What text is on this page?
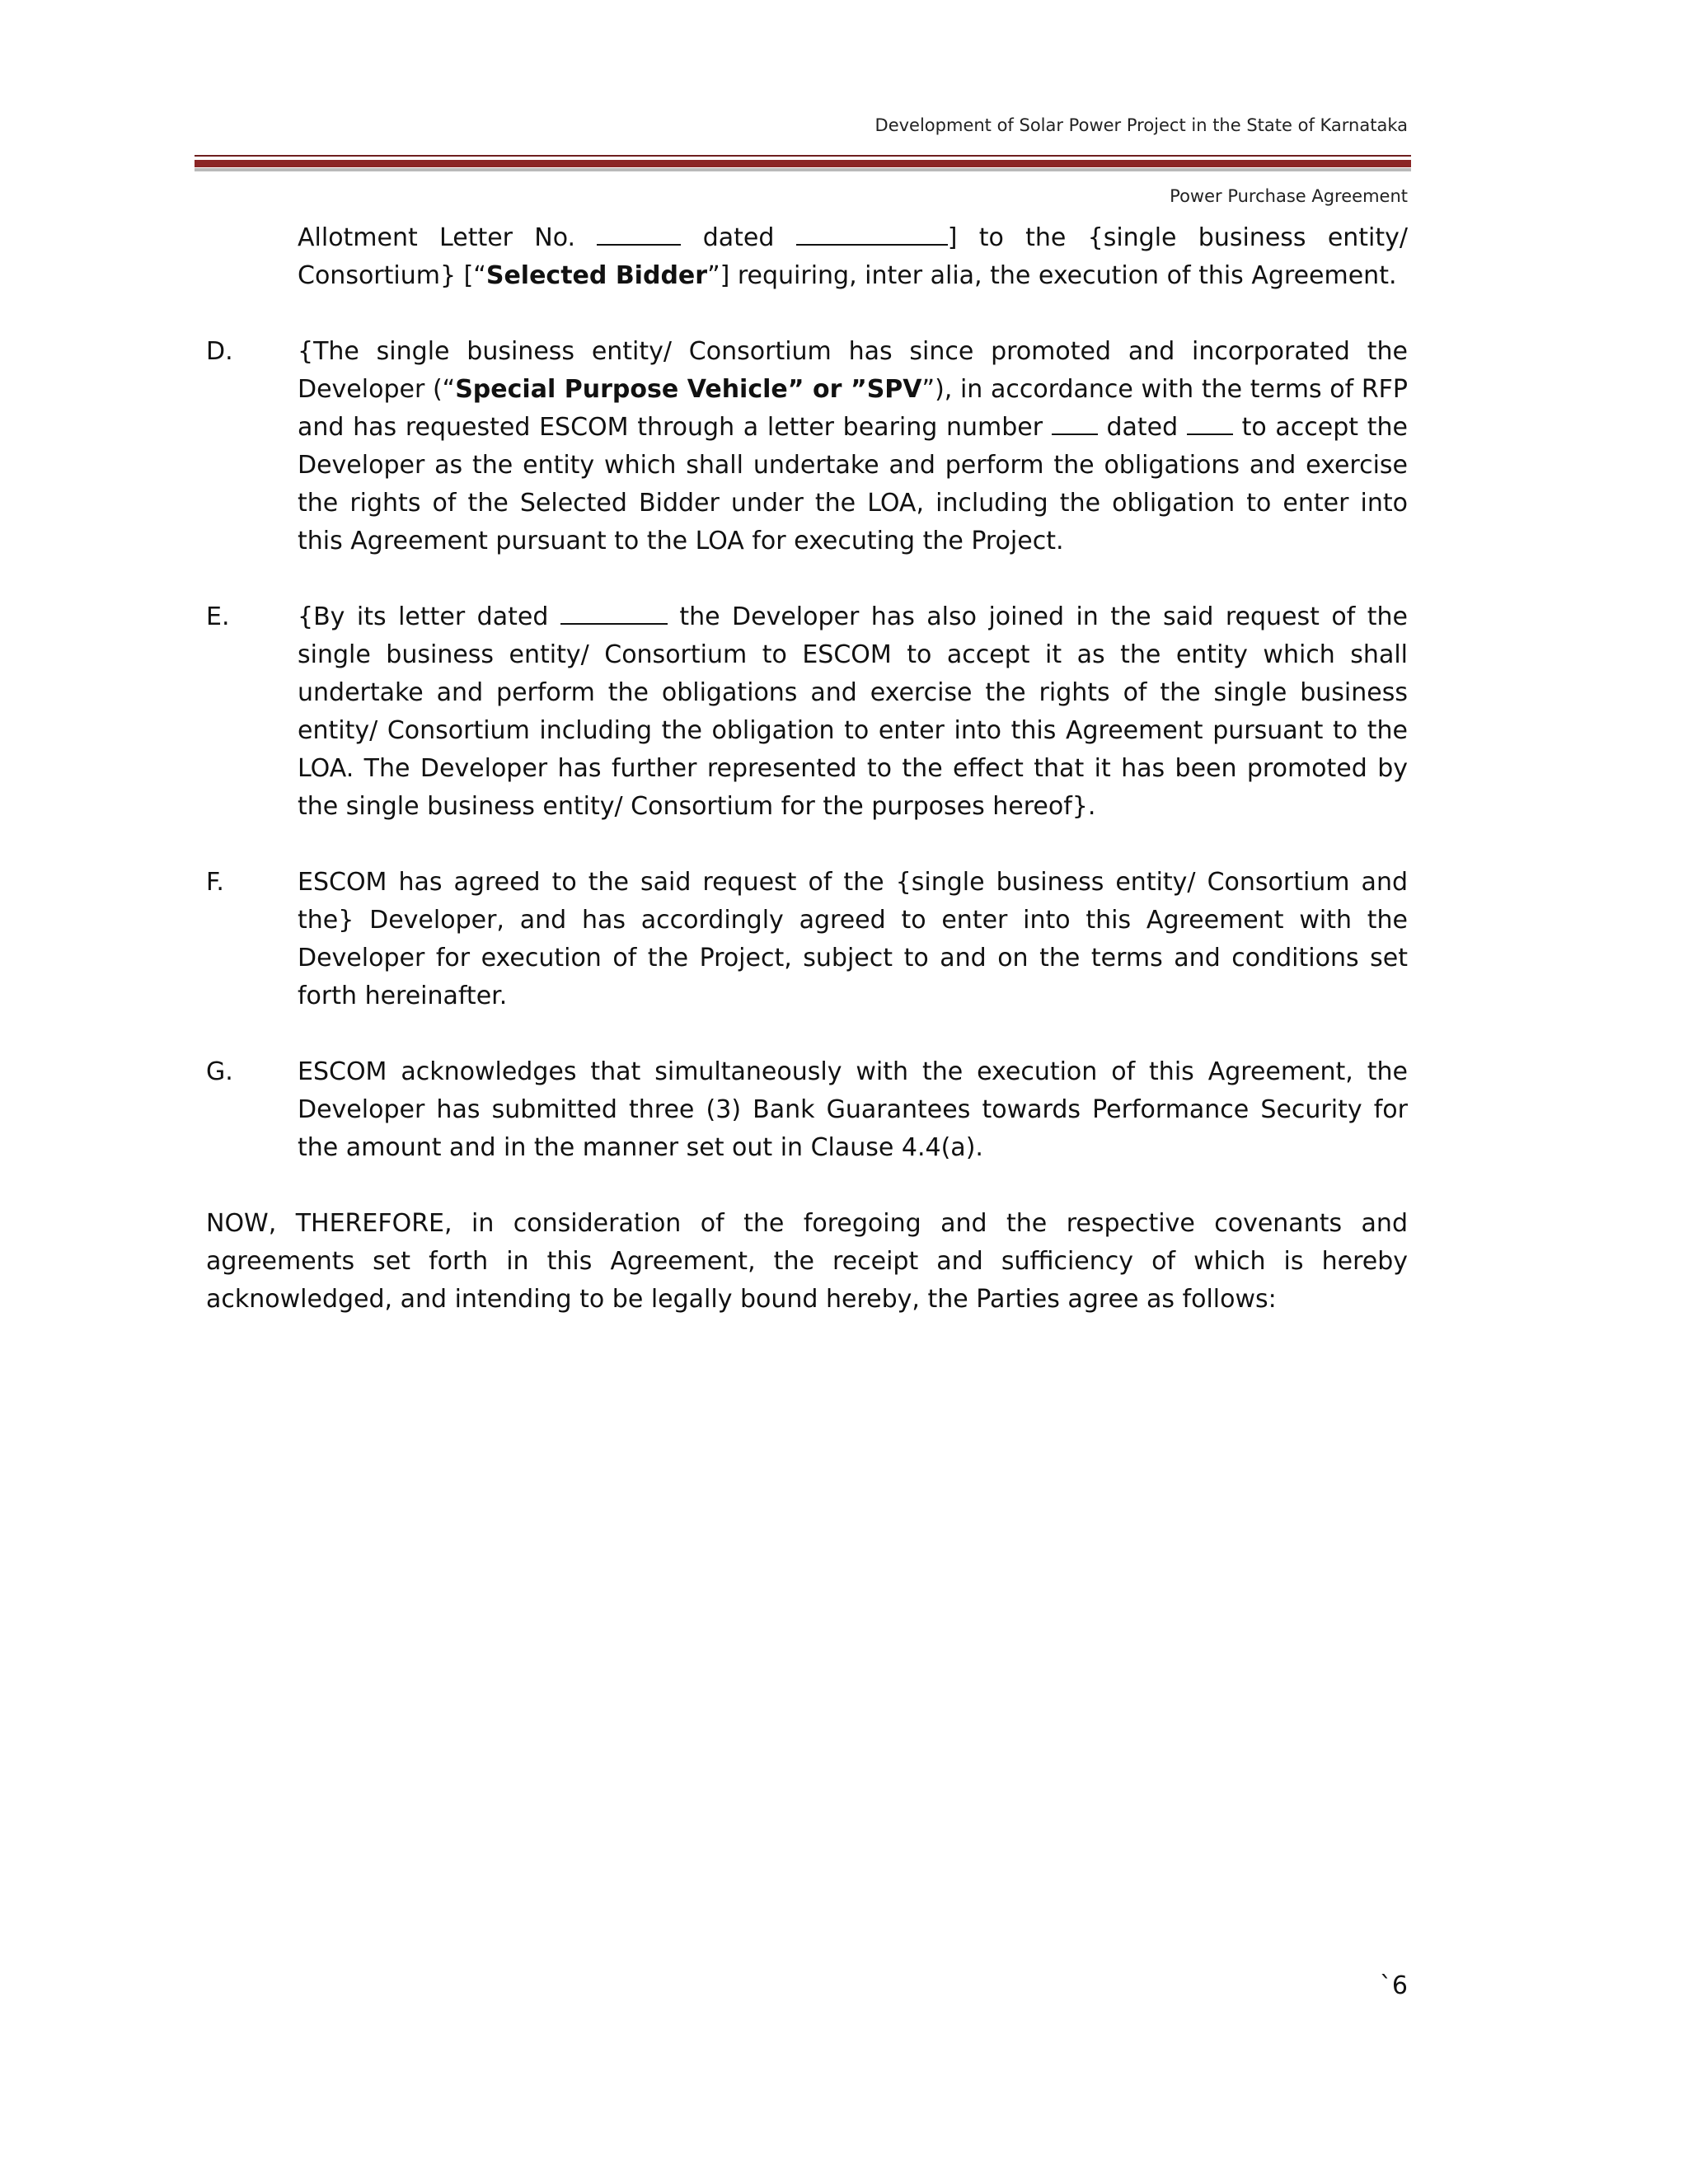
Development of Solar Power Project in the State of Karnataka
Power Purchase Agreement

Allotment Letter No.	dated	] to the {single business entity/ Consortium} [“Selected Bidder”] requiring, inter alia, the execution of this Agreement.

D.	{The single business entity/ Consortium has since promoted and incorporated the Developer (“Special Purpose Vehicle” or ”SPV”), in accordance with the terms of RFP and has requested ESCOM through a letter bearing number	dated	to accept the Developer as the entity which shall undertake and perform the obligations and exercise the rights of the Selected Bidder under the LOA, including the obligation to enter into this Agreement pursuant to the LOA for executing the Project.

E.	{By its letter dated	the Developer has also joined in the said request of the single business entity/ Consortium to ESCOM to accept it as the entity which shall undertake and perform the obligations and exercise the rights of the single business entity/ Consortium including the obligation to enter into this Agreement pursuant to the LOA. The Developer has further represented to the effect that it has been promoted by the single business entity/ Consortium for the purposes hereof}.

F.	ESCOM has agreed to the said request of the {single business entity/ Consortium and the} Developer, and has accordingly agreed to enter into this Agreement with the Developer for execution of the Project, subject to and on the terms and conditions set forth hereinafter.

G.	ESCOM acknowledges that simultaneously with the execution of this Agreement, the Developer has submitted three (3) Bank Guarantees towards Performance Security for the amount and in the manner set out in Clause 4.4(a).

NOW, THEREFORE, in consideration of the foregoing and the respective covenants and agreements set forth in this Agreement, the receipt and sufficiency of which is hereby acknowledged, and intending to be legally bound hereby, the Parties agree as follows:

`6
